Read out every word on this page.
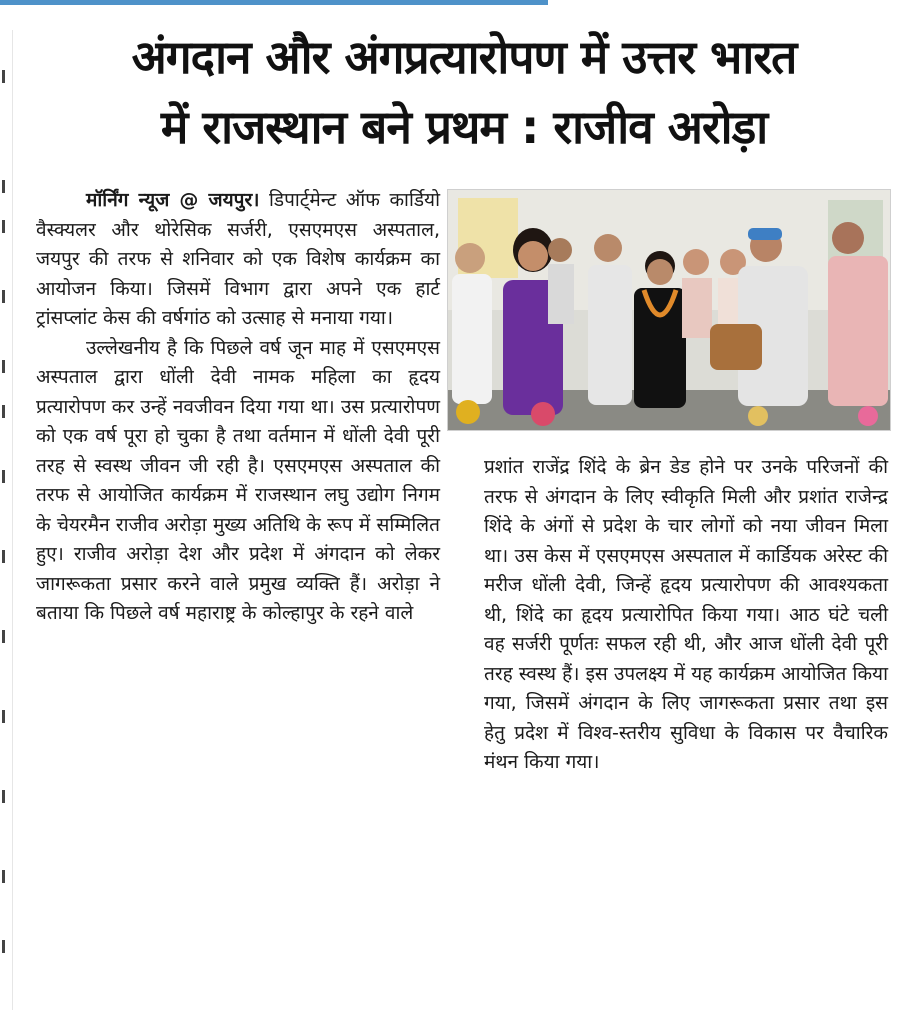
अंगदान और अंगप्रत्यारोपण में उत्तर भारत
में राजस्थान बने प्रथम : राजीव अरोड़ा

मॉर्निंग न्यूज @ जयपुर। डिपार्ट्मेन्ट ऑफ कार्डियो वैस्क्यलर और थोरेसिक सर्जरी, एसएमएस अस्पताल, जयपुर की तरफ से शनिवार को एक विशेष कार्यक्रम का आयोजन किया। जिसमें विभाग द्वारा अपने एक हार्ट ट्रांसप्लांट केस की वर्षगांठ को उत्साह से मनाया गया।

उल्लेखनीय है कि पिछले वर्ष जून माह में एसएमएस अस्पताल द्वारा धोंली देवी नामक महिला का हृदय प्रत्यारोपण कर उन्हें नवजीवन दिया गया था। उस प्रत्यारोपण को एक वर्ष पूरा हो चुका है तथा वर्तमान में धोंली देवी पूरी तरह से स्वस्थ जीवन जी रही है। एसएमएस अस्पताल की तरफ से आयोजित कार्यक्रम में राजस्थान लघु उद्योग निगम के चेयरमैन राजीव अरोड़ा मुख्य अतिथि के रूप में सम्मिलित हुए। राजीव अरोड़ा देश और प्रदेश में अंगदान को लेकर जागरूकता प्रसार करने वाले प्रमुख व्यक्ति हैं। अरोड़ा ने बताया कि पिछले वर्ष महाराष्ट्र के कोल्हापुर के रहने वाले

प्रशांत राजेंद्र शिंदे के ब्रेन डेड होने पर उनके परिजनों की तरफ से अंगदान के लिए स्वीकृति मिली और प्रशांत राजेन्द्र शिंदे के अंगों से प्रदेश के चार लोगों को नया जीवन मिला था। उस केस में एसएमएस अस्पताल में कार्डियक अरेस्ट की मरीज धोंली देवी, जिन्हें हृदय प्रत्यारोपण की आवश्यकता थी, शिंदे का हृदय प्रत्यारोपित किया गया। आठ घंटे चली वह सर्जरी पूर्णतः सफल रही थी, और आज धोंली देवी पूरी तरह स्वस्थ हैं। इस उपलक्ष्य में यह कार्यक्रम आयोजित किया गया, जिसमें अंगदान के लिए जागरूकता प्रसार तथा इस हेतु प्रदेश में विश्व-स्तरीय सुविधा के विकास पर वैचारिक मंथन किया गया।
